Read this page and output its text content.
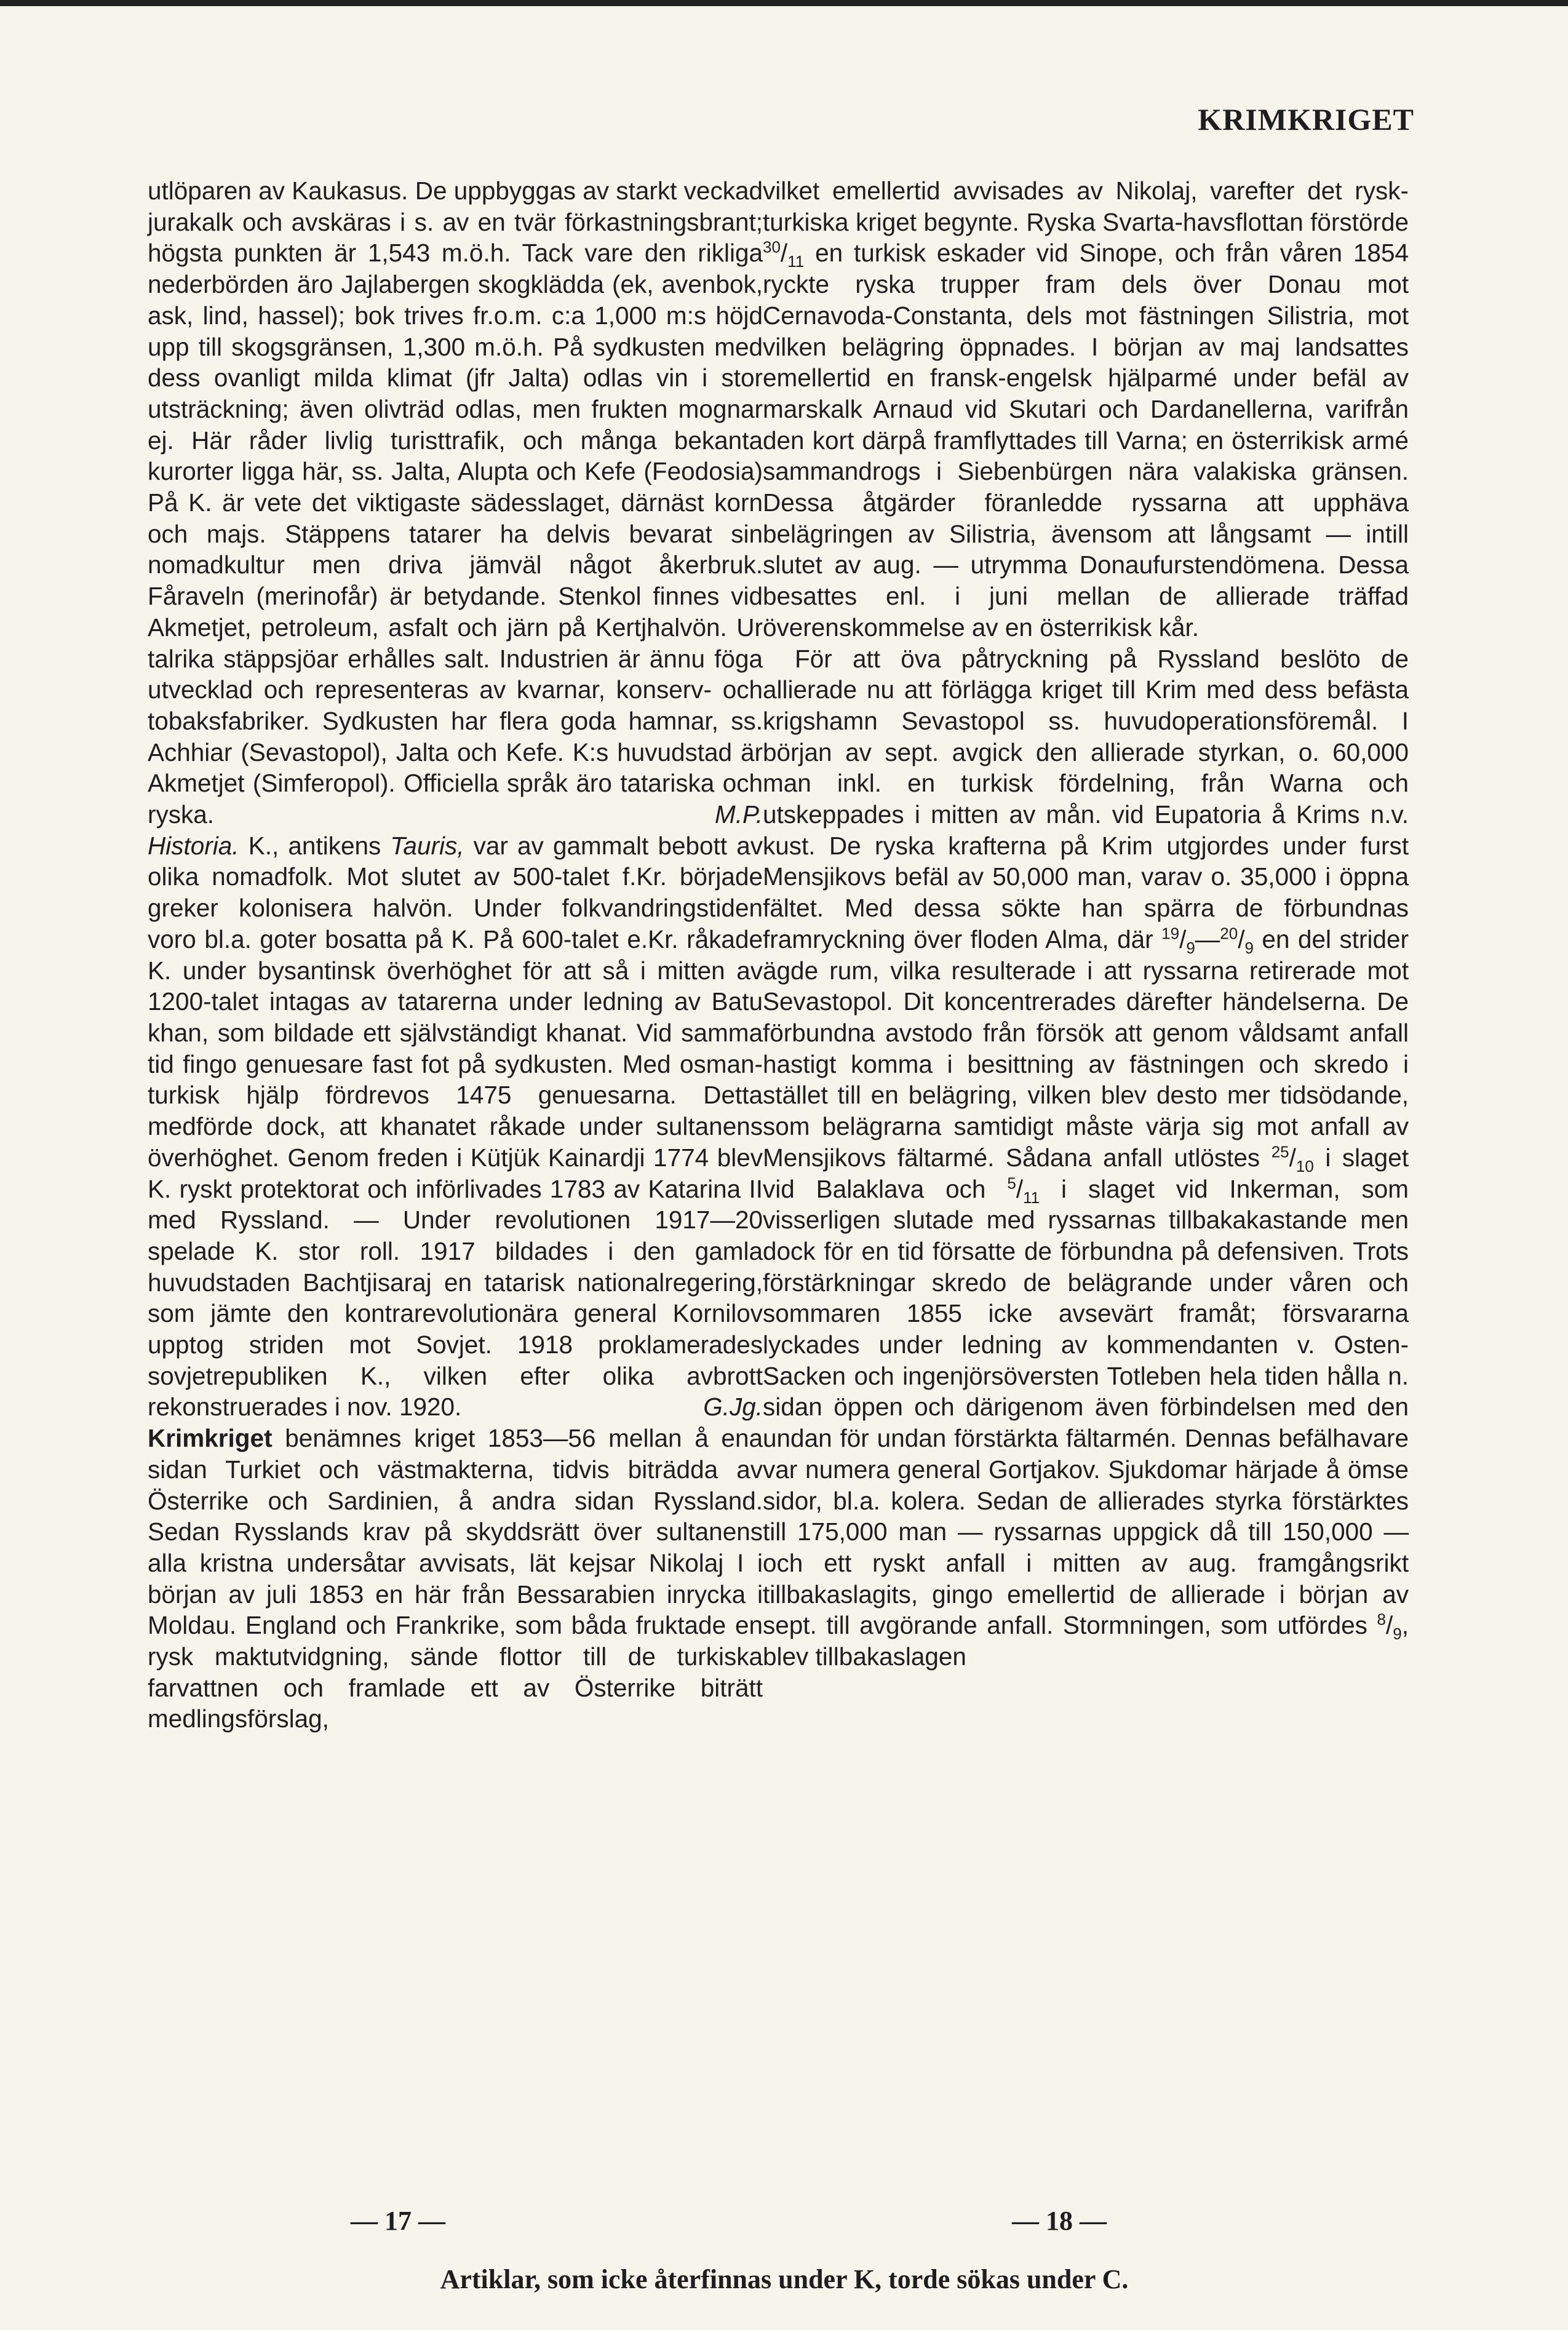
KRIMKRIGET

utlöparen av Kaukasus. De uppbyggas av starkt veckad jurakalk och avskäras i s. av en tvär förkastningsbrant; högsta punkten är 1,543 m.ö.h. Tack vare den rikliga nederbörden äro Jajlabergen skogklädda (ek, avenbok, ask, lind, hassel); bok trives fr.o.m. c:a 1,000 m:s höjd upp till skogsgränsen, 1,300 m.ö.h. På sydkusten med dess ovanligt milda klimat (jfr Jalta) odlas vin i stor utsträckning; även olivträd odlas, men frukten mognar ej. Här råder livlig turisttrafik, och många bekanta kurorter ligga här, ss. Jalta, Alupta och Kefe (Feodosia) På K. är vete det viktigaste sädesslaget, därnäst korn och majs. Stäppens tatarer ha delvis bevarat sin nomadkultur men driva jämväl något åkerbruk. Fåraveln (merinofår) är betydande. Stenkol finnes vid Akmetjet, petroleum, asfalt och järn på Kertjhalvön. Ur talrika stäppsjöar erhålles salt. Industrien är ännu föga utvecklad och representeras av kvarnar, konserv- och tobaksfabriker. Sydkusten har flera goda hamnar, ss. Achhiar (Sevastopol), Jalta och Kefe. K:s huvudstad är Akmetjet (Simferopol). Officiella språk äro tatariska och ryska.	M.P.

Historia. K., antikens Tauris, var av gammalt bebott av olika nomadfolk. Mot slutet av 500-talet f.Kr. började greker kolonisera halvön. Under folkvandringstiden voro bl.a. goter bosatta på K. På 600-talet e.Kr. råkade K. under bysantinsk överhöghet för att så i mitten av 1200-talet intagas av tatarerna under ledning av Batu khan, som bildade ett självständigt khanat. Vid samma tid fingo genuesare fast fot på sydkusten. Med osman-turkisk hjälp fördrevos 1475 genuesarna. Detta medförde dock, att khanatet råkade under sultanens överhöghet. Genom freden i Kütjük Kainardji 1774 blev K. ryskt protektorat och införlivades 1783 av Katarina II med Ryssland. — Under revolutionen 1917—20 spelade K. stor roll. 1917 bildades i den gamla huvudstaden Bachtjisaraj en tatarisk nationalregering, som jämte den kontrarevolutionära general Kornilov upptog striden mot Sovjet. 1918 proklamerades sovjetrepubliken K., vilken efter olika avbrott rekonstruerades i nov. 1920.	G.Jg.

Krimkriget benämnes kriget 1853—56 mellan å ena sidan Turkiet och västmakterna, tidvis biträdda av Österrike och Sardinien, å andra sidan Ryssland. Sedan Rysslands krav på skyddsrätt över sultanens alla kristna undersåtar avvisats, lät kejsar Nikolaj I i början av juli 1853 en här från Bessarabien inrycka i Moldau. England och Frankrike, som båda fruktade en rysk maktutvidgning, sände flottor till de turkiska farvattnen och framlade ett av Österrike biträtt medlingsförslag,

vilket emellertid avvisades av Nikolaj, varefter det rysk-turkiska kriget begynte. Ryska Svarta-havsflottan förstörde $^{30}/_{11}$ en turkisk eskader vid Sinope, och från våren 1854 ryckte ryska trupper fram dels över Donau mot Cernavoda-Constanta, dels mot fästningen Silistria, mot vilken belägring öppnades. I början av maj landsattes emellertid en fransk-engelsk hjälparmé under befäl av marskalk Arnaud vid Skutari och Dardanellerna, varifrån den kort därpå framflyttades till Varna; en österrikisk armé sammandrogs i Siebenbürgen nära valakiska gränsen. Dessa åtgärder föranledde ryssarna att upphäva belägringen av Silistria, ävensom att långsamt — intill slutet av aug. — utrymma Donaufurstendömena. Dessa besattes enl. i juni mellan de allierade träffad överenskommelse av en österrikisk kår.

För att öva påtryckning på Ryssland beslöto de allierade nu att förlägga kriget till Krim med dess befästa krigshamn Sevastopol ss. huvudoperationsföremål. I början av sept. avgick den allierade styrkan, o. 60,000 man inkl. en turkisk fördelning, från Warna och utskeppades i mitten av mån. vid Eupatoria å Krims n.v. kust. De ryska krafterna på Krim utgjordes under furst Mensjikovs befäl av 50,000 man, varav o. 35,000 i öppna fältet. Med dessa sökte han spärra de förbundnas framryckning över floden Alma, där $^{19}/_9—^{20}/_9$ en del strider ägde rum, vilka resulterade i att ryssarna retirerade mot Sevastopol. Dit koncentrerades därefter händelserna. De förbundna avstodo från försök att genom våldsamt anfall hastigt komma i besittning av fästningen och skredo i stället till en belägring, vilken blev desto mer tidsödande, som belägrarna samtidigt måste värja sig mot anfall av Mensjikovs fältarmé. Sådana anfall utlöstes $^{25}/_{10}$ i slaget vid Balaklava och $^5/_{11}$ i slaget vid Inkerman, som visserligen slutade med ryssarnas tillbakakastande men dock för en tid försatte de förbundna på defensiven. Trots förstärkningar skredo de belägrande under våren och sommaren 1855 icke avsevärt framåt; försvararna lyckades under ledning av kommendanten v. Osten-Sacken och ingenjörsöversten Totleben hela tiden hålla n. sidan öppen och därigenom även förbindelsen med den undan för undan förstärkta fältarmén. Dennas befälhavare var numera general Gortjakov. Sjukdomar härjade å ömse sidor, bl.a. kolera. Sedan de allierades styrka förstärktes till 175,000 man — ryssarnas uppgick då till 150,000 — och ett ryskt anfall i mitten av aug. framgångsrikt tillbakaslagits, gingo emellertid de allierade i början av sept. till avgörande anfall. Stormningen, som utfördes $^8/_9$, blev tillbakaslagen

— 17 —	— 18 —
Artiklar, som icke återfinnas under K, torde sökas under C.
